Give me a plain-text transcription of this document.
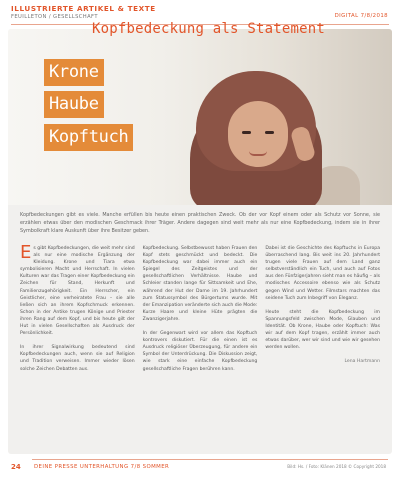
ILLUSTRIERTE ARTIKEL & TEXTE
FEUILLETON / GESELLSCHAFT	DIGITAL 7/8/2018
Kopfbedeckung als Statement
Krone
Haube
Kopftuch
Kopfbedeckungen gibt es viele. Manche erfüllen bis heute einen praktischen Zweck. Ob der vor Kopf einem oder als Schutz vor Sonne, sie erzählen etwas über den modischen Geschmack ihrer Träger. Andere dagegen sind weit mehr als nur eine Kopfbedeckung, indem sie in ihrer Symbolkraft klare Auskunft über ihre Besitzer geben.

Es gibt Kopfbedeckungen, die weit mehr sind als nur eine modische Ergänzung der Kleidung. Krone und Tiara etwa symbolisieren Macht und Herrschaft. In vielen Kulturen war das Tragen einer Kopfbedeckung ein Zeichen für Stand, Herkunft und Familienzugehörigkeit. Ein Herrscher, ein Geistlicher, eine verheiratete Frau – sie alle ließen sich an ihrem Kopfschmuck erkennen. Schon in der Antike trugen Könige und Priester ihren Rang auf dem Kopf, und bis heute gilt der Hut in vielen Gesellschaften als Ausdruck der Persönlichkeit.

In ihrer Signalwirkung bedeutend sind Kopfbedeckungen auch, wenn sie auf Religion und Tradition verweisen. Immer wieder lösen solche Zeichen Debatten aus.

Kopfbedeckung. Selbstbewusst haben Frauen den Kopf stets geschmückt und bedeckt. Die Kopfbedeckung war dabei immer auch ein Spiegel des Zeitgeistes und der gesellschaftlichen Verhältnisse. Haube und Schleier standen lange für Sittsamkeit und Ehe, während der Hut der Dame im 19. Jahrhundert zum Statussymbol des Bürgertums wurde. Mit der Emanzipation veränderte sich auch die Mode: Kurze Haare und kleine Hüte prägten die Zwanzigerjahre.

In der Gegenwart wird vor allem das Kopftuch kontrovers diskutiert. Für die einen ist es Ausdruck religiöser Überzeugung, für andere ein Symbol der Unterdrückung. Die Diskussion zeigt, wie stark eine einfache Kopfbedeckung gesellschaftliche Fragen berühren kann.

Dabei ist die Geschichte des Kopftuchs in Europa überraschend lang. Bis weit ins 20. Jahrhundert trugen viele Frauen auf dem Land ganz selbstverständlich ein Tuch, und auch auf Fotos aus den Fünfzigerjahren sieht man es häufig – als modisches Accessoire ebenso wie als Schutz gegen Wind und Wetter. Filmstars machten das seidene Tuch zum Inbegriff von Eleganz.

Heute steht die Kopfbedeckung im Spannungsfeld zwischen Mode, Glauben und Identität. Ob Krone, Haube oder Kopftuch: Was wir auf dem Kopf tragen, erzählt immer auch etwas darüber, wer wir sind und wie wir gesehen werden wollen.

Lena Hartmann
24 DEINE PRESSE UNTERHALTUNG 7/8 SOMMER	Bild: Hs. / Foto: Klänen 2018 © Copyright 2018
